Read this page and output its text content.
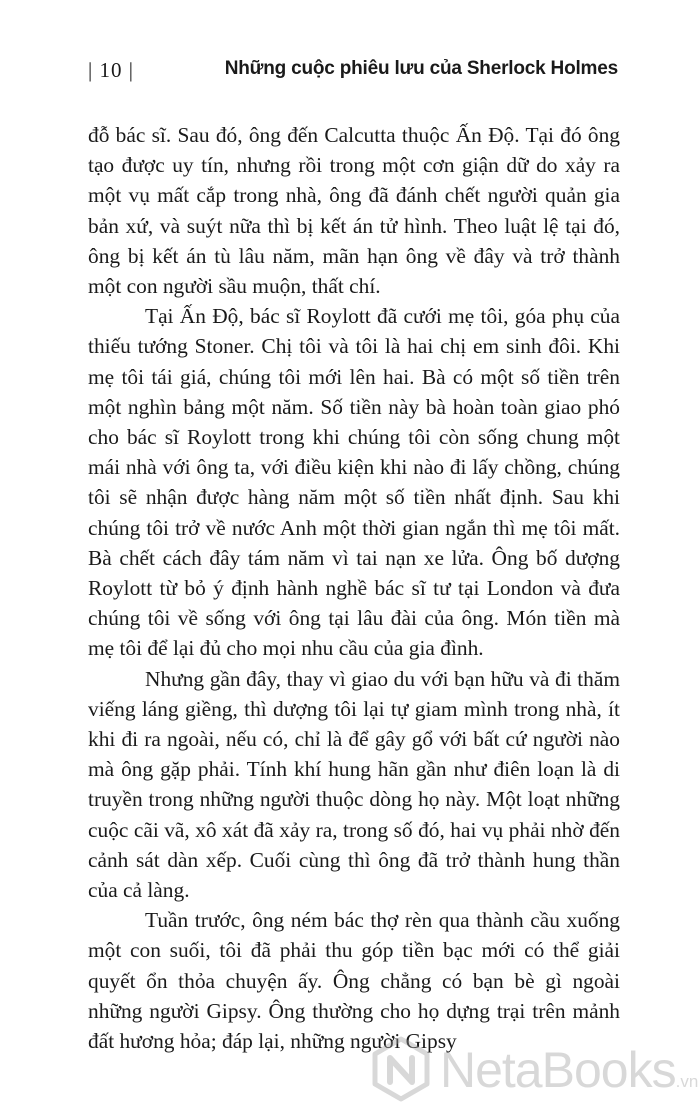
| 10 |	Những cuộc phiêu lưu của Sherlock Holmes

đỗ bác sĩ. Sau đó, ông đến Calcutta thuộc Ấn Độ. Tại đó ông tạo được uy tín, nhưng rồi trong một cơn giận dữ do xảy ra một vụ mất cắp trong nhà, ông đã đánh chết người quản gia bản xứ, và suýt nữa thì bị kết án tử hình. Theo luật lệ tại đó, ông bị kết án tù lâu năm, mãn hạn ông về đây và trở thành một con người sầu muộn, thất chí.

Tại Ấn Độ, bác sĩ Roylott đã cưới mẹ tôi, góa phụ của thiếu tướng Stoner. Chị tôi và tôi là hai chị em sinh đôi. Khi mẹ tôi tái giá, chúng tôi mới lên hai. Bà có một số tiền trên một nghìn bảng một năm. Số tiền này bà hoàn toàn giao phó cho bác sĩ Roylott trong khi chúng tôi còn sống chung một mái nhà với ông ta, với điều kiện khi nào đi lấy chồng, chúng tôi sẽ nhận được hàng năm một số tiền nhất định. Sau khi chúng tôi trở về nước Anh một thời gian ngắn thì mẹ tôi mất. Bà chết cách đây tám năm vì tai nạn xe lửa. Ông bố dượng Roylott từ bỏ ý định hành nghề bác sĩ tư tại London và đưa chúng tôi về sống với ông tại lâu đài của ông. Món tiền mà mẹ tôi để lại đủ cho mọi nhu cầu của gia đình.

Nhưng gần đây, thay vì giao du với bạn hữu và đi thăm viếng láng giềng, thì dượng tôi lại tự giam mình trong nhà, ít khi đi ra ngoài, nếu có, chỉ là để gây gổ với bất cứ người nào mà ông gặp phải. Tính khí hung hãn gần như điên loạn là di truyền trong những người thuộc dòng họ này. Một loạt những cuộc cãi vã, xô xát đã xảy ra, trong số đó, hai vụ phải nhờ đến cảnh sát dàn xếp. Cuối cùng thì ông đã trở thành hung thần của cả làng.

Tuần trước, ông ném bác thợ rèn qua thành cầu xuống một con suối, tôi đã phải thu góp tiền bạc mới có thể giải quyết ổn thỏa chuyện ấy. Ông chẳng có bạn bè gì ngoài những người Gipsy. Ông thường cho họ dựng trại trên mảnh đất hương hỏa; đáp lại, những người Gipsy

NetaBooks.vn
